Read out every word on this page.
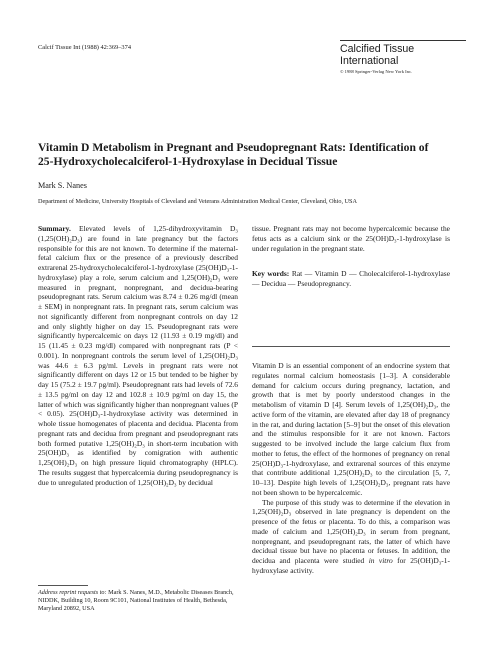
Calcif Tissue Int (1988) 42:369–374	Calcified Tissue
International
© 1988 Springer-Verlag New York Inc.
Vitamin D Metabolism in Pregnant and Pseudopregnant Rats: Identification of
25-Hydroxycholecalciferol-1-Hydroxylase in Decidual Tissue
Mark S. Nanes
Department of Medicine, University Hospitals of Cleveland and Veterans Administration Medical Center, Cleveland, Ohio, USA

Summary. Elevated levels of 1,25-dihydroxyvitamin D₃ (1,25(OH)₂D₃) are found in late pregnancy but the factors responsible for this are not known. To determine if the maternal-fetal calcium flux or the presence of a previously described extrarenal 25-hydroxycholecalciferol-1-hydroxylase (25(OH)D₃-1-hydroxylase) play a role, serum calcium and 1,25(OH)₂D₃ were measured in pregnant, nonpregnant, and decidua-bearing pseudopregnant rats. Serum calcium was 8.74 ± 0.26 mg/dl (mean ± SEM) in nonpregnant rats. In pregnant rats, serum calcium was not significantly different from nonpregnant controls on day 12 and only slightly higher on day 15. Pseudopregnant rats were significantly hypercalcemic on days 12 (11.93 ± 0.19 mg/dl) and 15 (11.45 ± 0.23 mg/dl) compared with nonpregnant rats (P < 0.001). In nonpregnant controls the serum level of 1,25(OH)₂D₃ was 44.6 ± 6.3 pg/ml. Levels in pregnant rats were not significantly different on days 12 or 15 but tended to be higher by day 15 (75.2 ± 19.7 pg/ml). Pseudopregnant rats had levels of 72.6 ± 13.5 pg/ml on day 12 and 102.8 ± 10.9 pg/ml on day 15, the latter of which was significantly higher than nonpregnant values (P < 0.05). 25(OH)D₃-1-hydroxylase activity was determined in whole tissue homogenates of placenta and decidua. Placenta from pregnant rats and decidua from pregnant and pseudopregnant rats both formed putative 1,25(OH)₂D₃ in short-term incubation with 25(OH)D₃ as identified by comigration with authentic 1,25(OH)₂D₃ on high pressure liquid chromatography (HPLC). The results suggest that hypercalcemia during pseudopregnancy is due to unregulated production of 1,25(OH)₂D₃ by decidual

tissue. Pregnant rats may not become hypercalcemic because the fetus acts as a calcium sink or the 25(OH)D₃-1-hydroxylase is under regulation in the pregnant state.

Key words: Rat — Vitamin D — Cholecalciferol-1-hydroxylase — Decidua — Pseudopregnancy.

Vitamin D is an essential component of an endocrine system that regulates normal calcium homeostasis [1–3]. A considerable demand for calcium occurs during pregnancy, lactation, and growth that is met by poorly understood changes in the metabolism of vitamin D [4]. Serum levels of 1,25(OH)₂D₃, the active form of the vitamin, are elevated after day 18 of pregnancy in the rat, and during lactation [5–9] but the onset of this elevation and the stimulus responsible for it are not known. Factors suggested to be involved include the large calcium flux from mother to fetus, the effect of the hormones of pregnancy on renal 25(OH)D₃-1-hydroxylase, and extrarenal sources of this enzyme that contribute additional 1,25(OH)₂D₃ to the circulation [5, 7, 10–13]. Despite high levels of 1,25(OH)₂D₃, pregnant rats have not been shown to be hypercalcemic.

The purpose of this study was to determine if the elevation in 1,25(OH)₂D₃ observed in late pregnancy is dependent on the presence of the fetus or placenta. To do this, a comparison was made of calcium and 1,25(OH)₂D₃ in serum from pregnant, nonpregnant, and pseudopregnant rats, the latter of which have decidual tissue but have no placenta or fetuses. In addition, the decidua and placenta were studied in vitro for 25(OH)D₃-1-hydroxylase activity.

Address reprint requests to: Mark S. Nanes, M.D., Metabolic Diseases Branch, NIDDK, Building 10, Room 9C101, National Institutes of Health, Bethesda, Maryland 20892, USA
